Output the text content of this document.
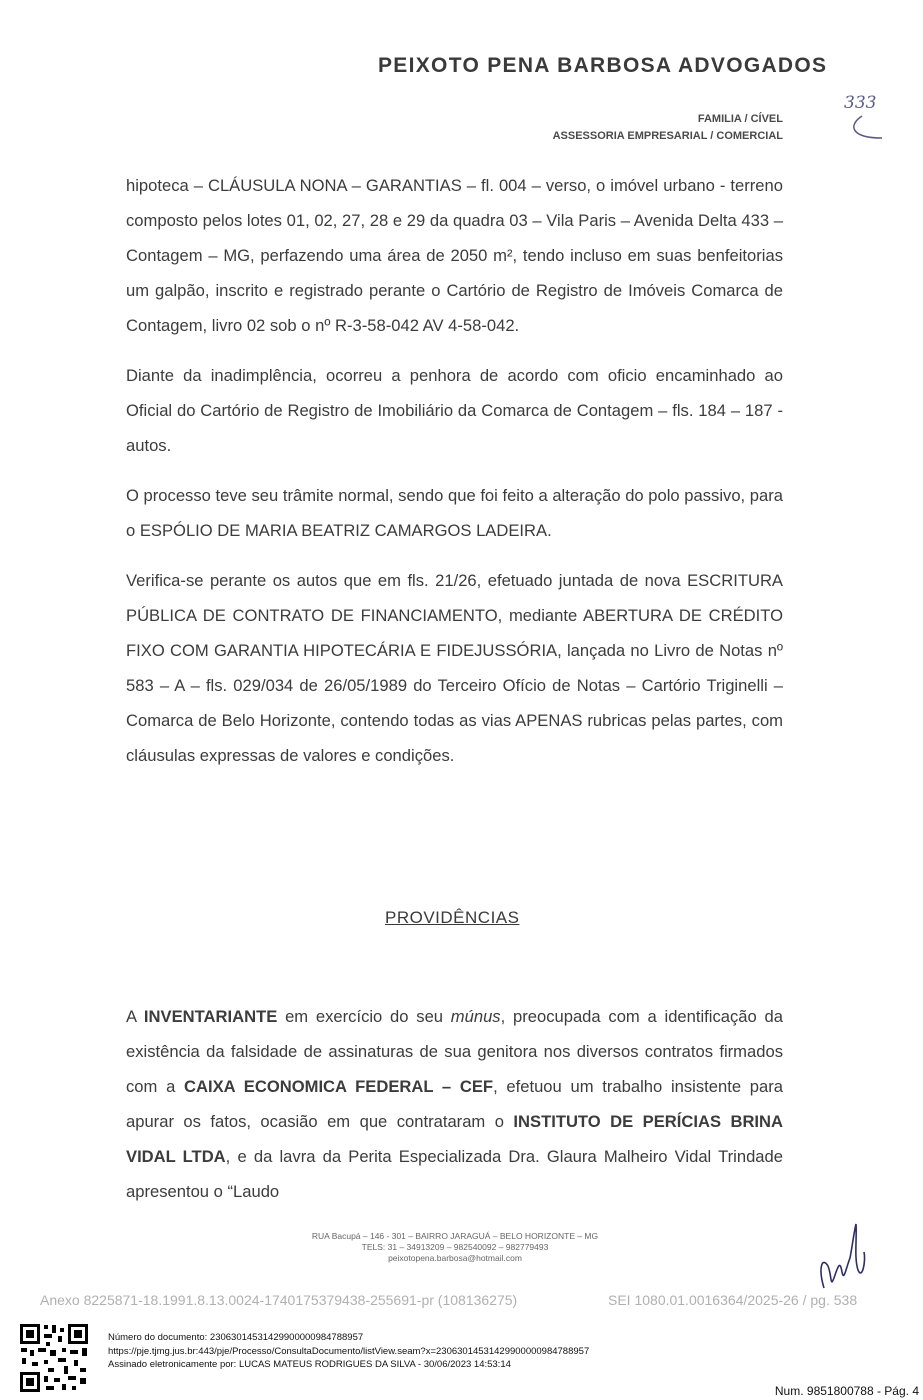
PEIXOTO PENA BARBOSA ADVOGADOS
FAMILIA / CÍVEL
ASSESSORIA EMPRESARIAL / COMERCIAL
333

hipoteca – CLÁUSULA NONA – GARANTIAS – fl. 004 – verso, o imóvel urbano - terreno composto pelos lotes 01, 02, 27, 28 e 29 da quadra 03 – Vila Paris – Avenida Delta 433 – Contagem – MG, perfazendo uma área de 2050 m², tendo incluso em suas benfeitorias um galpão, inscrito e registrado perante o Cartório de Registro de Imóveis Comarca de Contagem, livro 02 sob o nº R-3-58-042 AV 4-58-042.

Diante da inadimplência, ocorreu a penhora de acordo com oficio encaminhado ao Oficial do Cartório de Registro de Imobiliário da Comarca de Contagem – fls. 184 – 187 - autos.

O processo teve seu trâmite normal, sendo que foi feito a alteração do polo passivo, para o ESPÓLIO DE MARIA BEATRIZ CAMARGOS LADEIRA.

Verifica-se perante os autos que em fls. 21/26, efetuado juntada de nova ESCRITURA PÚBLICA DE CONTRATO DE FINANCIAMENTO, mediante ABERTURA DE CRÉDITO FIXO COM GARANTIA HIPOTECÁRIA E FIDEJUSSÓRIA, lançada no Livro de Notas nº 583 – A – fls. 029/034 de 26/05/1989 do Terceiro Ofício de Notas – Cartório Triginelli – Comarca de Belo Horizonte, contendo todas as vias APENAS rubricas pelas partes, com cláusulas expressas de valores e condições.

PROVIDÊNCIAS

A INVENTARIANTE em exercício do seu múnus, preocupada com a identificação da existência da falsidade de assinaturas de sua genitora nos diversos contratos firmados com a CAIXA ECONOMICA FEDERAL – CEF, efetuou um trabalho insistente para apurar os fatos, ocasião em que contrataram o INSTITUTO DE PERÍCIAS BRINA VIDAL LTDA, e da lavra da Perita Especializada Dra. Glaura Malheiro Vidal Trindade apresentou o “Laudo

RUA Bacupá – 146 - 301 – BAIRRO JARAGUÁ – BELO HORIZONTE – MG
TELS: 31 – 34913209 – 982540092 – 982779493
peixotopena.barbosa@hotmail.com
Anexo 8225871-18.1991.8.13.0024-1740175379438-255691-pr (108136275)	SEI 1080.01.0016364/2025-26 / pg. 538
Número do documento: 23063014531429900000984788957
https://pje.tjmg.jus.br:443/pje/Processo/ConsultaDocumento/listView.seam?x=23063014531429900000984788957
Assinado eletronicamente por: LUCAS MATEUS RODRIGUES DA SILVA - 30/06/2023 14:53:14
Num. 9851800788 - Pág. 4
